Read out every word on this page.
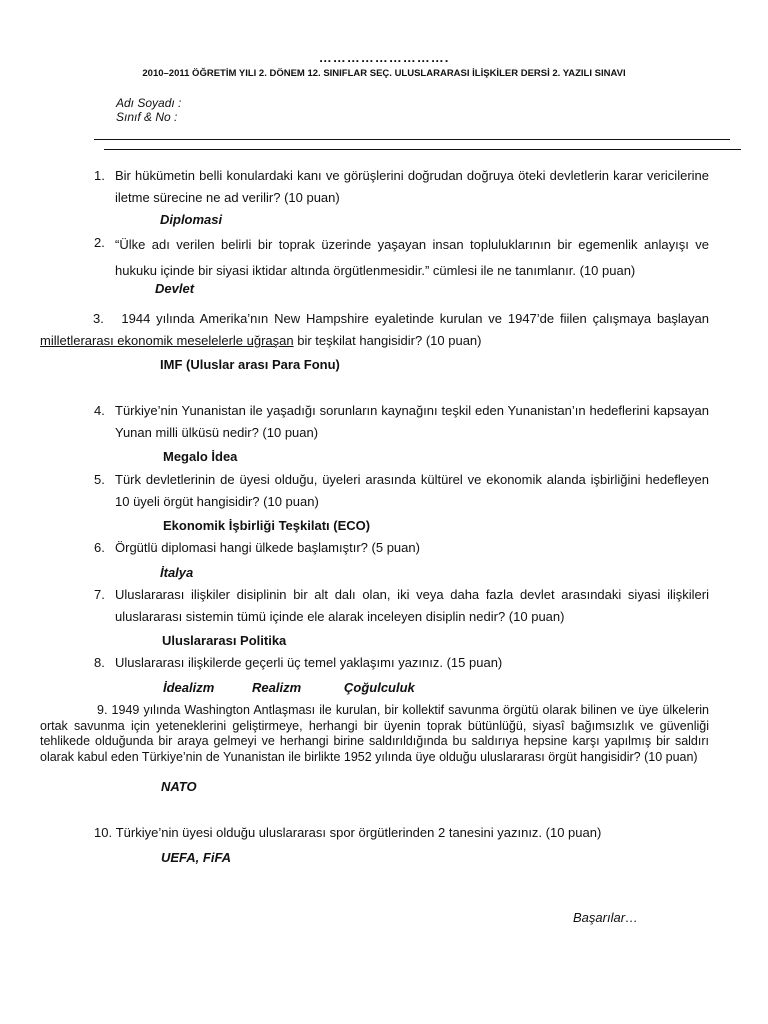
……………………….
2010–2011 ÖĞRETİM YILI 2. DÖNEM 12. SINIFLAR SEÇ. ULUSLARARASI İLİŞKİLER DERSİ 2. YAZILI SINAVI
Adı Soyadı :
Sınıf & No :
1. Bir hükümetin belli konulardaki kanı ve görüşlerini doğrudan doğruya öteki devletlerin karar vericilerine iletme sürecine ne ad verilir? (10 puan)
Diplomasi
2. “Ülke adı verilen belirli bir toprak üzerinde yaşayan insan topluluklarının bir egemenlik anlayışı ve hukuku içinde bir siyasi iktidar altında örgütlenmesidir.” cümlesi ile ne tanımlanır. (10 puan)
Devlet
3. 1944 yılında Amerika’nın New Hampshire eyaletinde kurulan ve 1947’de fiilen çalışmaya başlayan milletlerarası ekonomik meselelerle uğraşan bir teşkilat hangisidir? (10 puan)
IMF (Uluslar arası Para Fonu)
4. Türkiye’nin Yunanistan ile yaşadığı sorunların kaynağını teşkil eden Yunanistan’ın hedeflerini kapsayan Yunan milli ülküsü nedir? (10 puan)
Megalo İdea
5. Türk devletlerinin de üyesi olduğu, üyeleri arasında kültürel ve ekonomik alanda işbirliğini hedefleyen 10 üyeli örgüt hangisidir? (10 puan)
Ekonomik İşbirliği Teşkilatı (ECO)
6. Örgütlü diplomasi hangi ülkede başlamıştır? (5 puan)
İtalya
7. Uluslararası ilişkiler disiplinin bir alt dalı olan, iki veya daha fazla devlet arasındaki siyasi ilişkileri uluslararası sistemin tümü içinde ele alarak inceleyen disiplin nedir? (10 puan)
Uluslararası Politika
8. Uluslararası ilişkilerde geçerli üç temel yaklaşımı yazınız. (15 puan)
İdealizm	Realizm	Çoğulculuk
9. 1949 yılında Washington Antlaşması ile kurulan, bir kollektif savunma örgütü olarak bilinen ve üye ülkelerin ortak savunma için yeteneklerini geliştirmeye, herhangi bir üyenin toprak bütünlüğü, siyasî bağımsızlık ve güvenliği tehlikede olduğunda bir araya gelmeyi ve herhangi birine saldırıldığında bu saldırıya hepsine karşı yapılmış bir saldırı olarak kabul eden Türkiye’nin de Yunanistan ile birlikte 1952 yılında üye olduğu uluslararası örgüt hangisidir? (10 puan)
NATO
10. Türkiye’nin üyesi olduğu uluslararası spor örgütlerinden 2 tanesini yazınız. (10 puan)
UEFA, FiFA
Başarılar…
